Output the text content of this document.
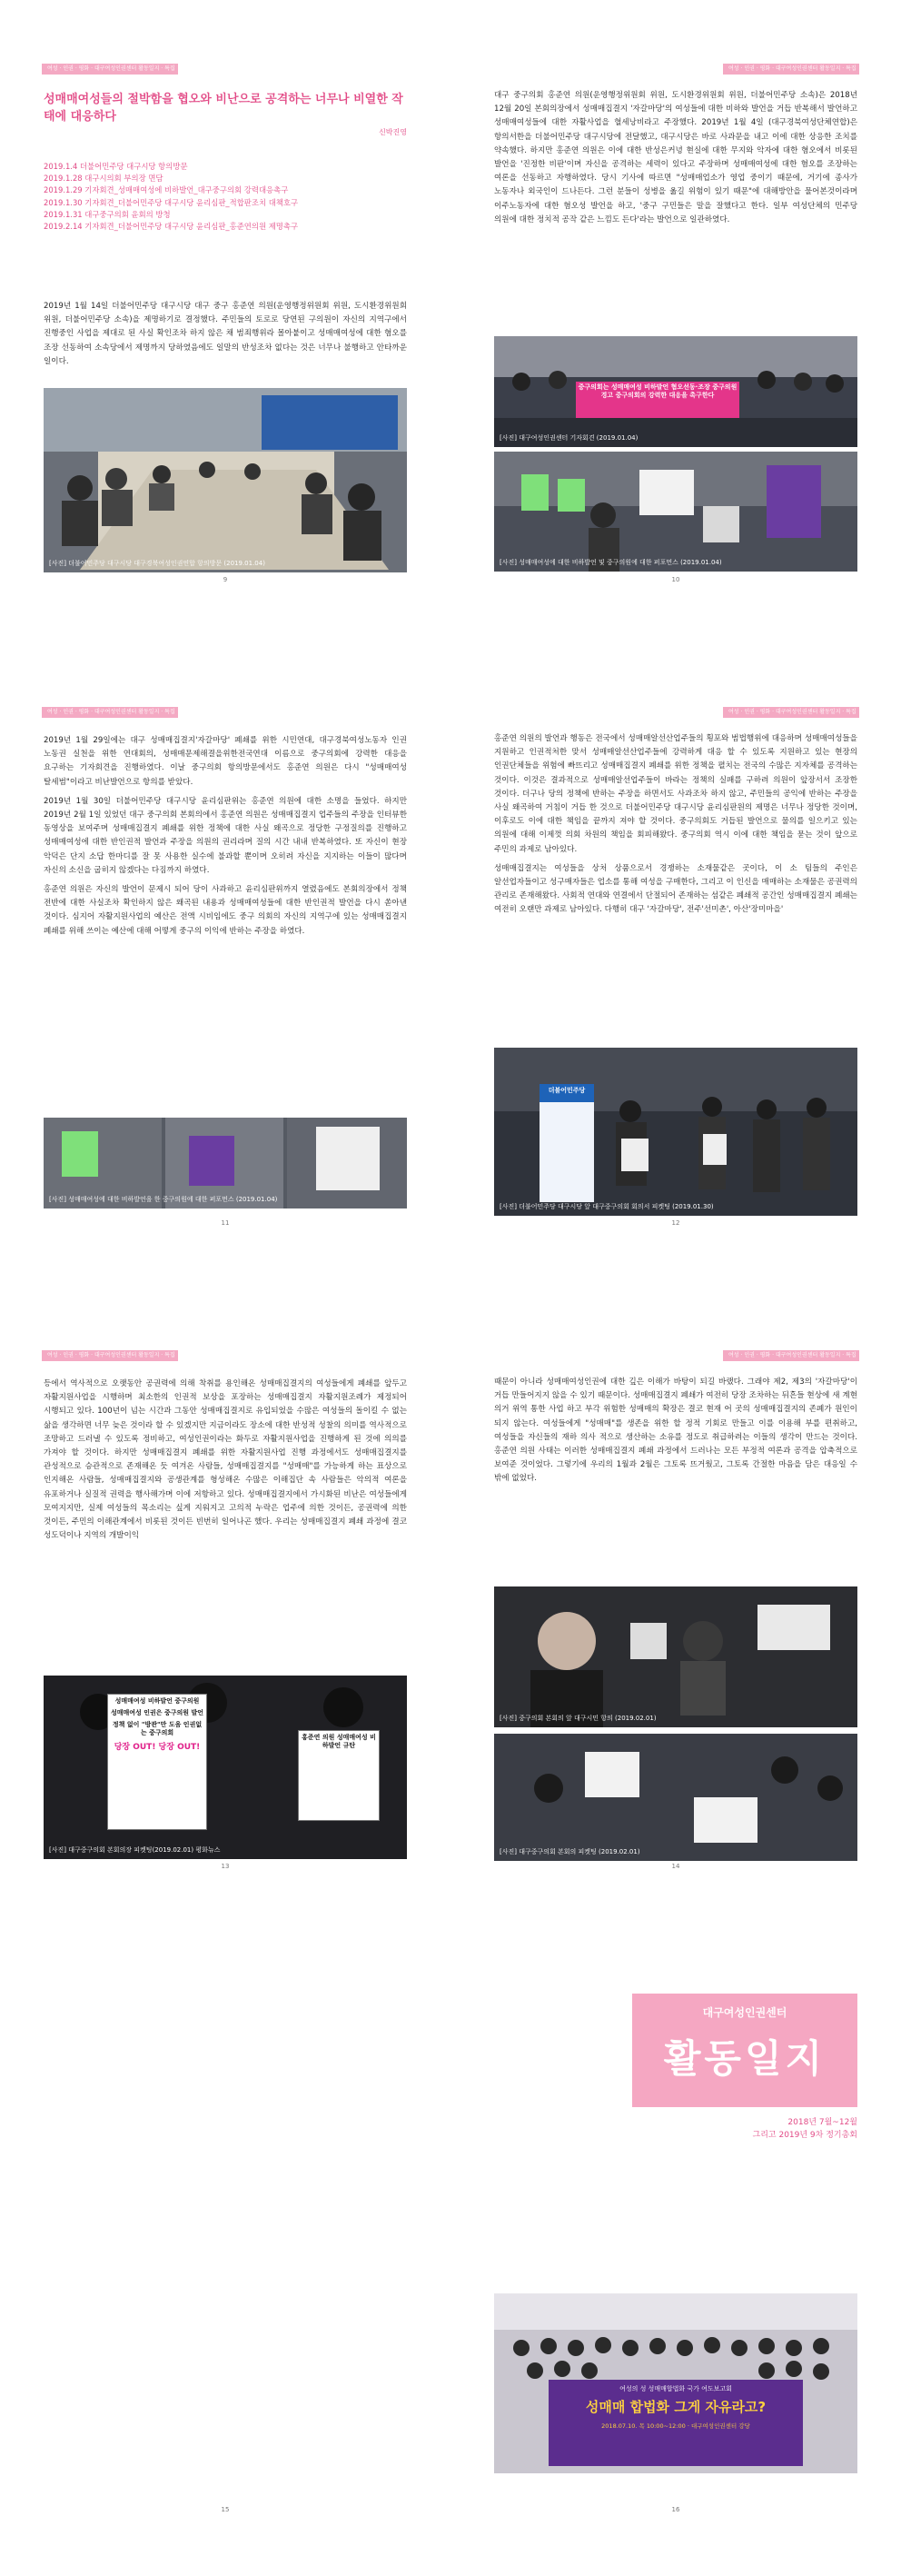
여성 · 인권 · 평화 · 대구여성인권센터 활동일지 · 특집
성매매여성들의 절박함을 협오와 비난으로 공격하는 너무나 비열한 작태에 대응하다
신박진영
2019.1.4 더불어민주당 대구시당 항의방문
2019.1.28 대구시의회 부의장 면담
2019.1.29 기자회견_성매매여성에 비하발언_대구중구의회 강력대응촉구
2019.1.30 기자회견_더불어민주당 대구시당 윤리심판_적합판조치 대책호구
2019.1.31 대구중구의회 윤회의 방청
2019.2.14 기자회견_더불어민주당 대구시당 윤리심판_홍준연의원 제명촉구

2019년 1월 14일 더불어민주당 대구시당 대구 중구 홍준연 의원(운영행정위원회 위원, 도시환경위원회 위원, 더불어민주당 소속)을 제명하기로 결정했다. 주민들의 토로로 당연된 구의원이 자신의 지역구에서 진행중인 사업을 제대로 된 사실 확인조차 하지 않은 채 범죄행위라 몰아붙이고 성매매여성에 대한 혐오를 조장 선동하여 소속당에서 제명까지 당하였음에도 일말의 반성조차 없다는 것은 너무나 불행하고 안타까운 일이다.

[사진] 더불어민주당 대구시당 대구경북여성인권연합 항의방문 (2019.01.04)
9
여성 · 인권 · 평화 · 대구여성인권센터 활동일지 · 특집

대구 중구의회 홍준연 의원(운영행정위원회 위원, 도시환경위원회 위원, 더불어민주당 소속)은 2018년 12월 20일 본회의장에서 성매매집결지 '자갈마당'의 여성들에 대한 비하와 발언을 거듭 반복해서 발언하고 성매매여성들에 대한 자활사업을 혈세낭비라고 주장했다. 2019년 1월 4일 (대구경북여성단체연합)은 항의서한을 더불어민주당 대구시당에 전달했고, 대구시당은 바로 사과문을 내고 이에 대한 상응한 조치를 약속했다. 하지만 홍준연 의원은 이에 대한 반성은커녕 현실에 대한 무지와 악자에 대한 혐오에서 비롯된 발언을 '진정한 비판'이며 자신을 공격하는 세력이 있다고 주장하며 성매매여성에 대한 혐오를 조장하는 여론을 선동하고 자행하였다. 당시 기사에 따르면 "성매매업소가 영업 중이기 때문에, 거기에 종사가 노동자나 외국인이 드나든다. 그런 분들이 성병을 옮길 위험이 있기 때문"에 대해방안을 물어본것이라며 이주노동자에 대한 혐오성 발언을 하고, '중구 구민들은 말을 잘했다고 한다. 일부 여성단체의 민주당 의원에 대한 정치적 공작 같은 느낌도 든다'라는 발언으로 일관하였다.

중구의회는 성매매여성 비하발언 혐오선동·조장 중구의원 경고 중구의회의 강력한 대응을 촉구한다
[사진] 대구여성인권센터 기자회견 (2019.01.04)
[사진] 성매매여성에 대한 비하발언 및 중구의원에 대한 퍼포먼스 (2019.01.04)
10
여성 · 인권 · 평화 · 대구여성인권센터 활동일지 · 특집

2019년 1월 29일에는 대구 성매매집결지'자갈마당' 폐쇄를 위한 시민연대, 대구경북여성노동자 인권 노동권 실천을 위한 연대회의, 성매매문제해결을위한전국연대 이름으로 중구의회에 강력한 대응을 요구하는 기자회견을 진행하였다. 이날 중구의회 항의방문에서도 홍준연 의원은 다시 "성매매여성 탈세범"이라고 비난발언으로 항의를 받았다.

2019년 1월 30일 더불어민주당 대구시당 윤리심판위는 홍준연 의원에 대한 소명을 들었다. 하지만 2019년 2월 1일 있었던 대구 중구의회 본회의에서 홍준연 의원은 성매매집결지 업주들의 주장을 인터뷰한 동영상을 보여주며 성매매집결지 폐쇄를 위한 정책에 대한 사실 왜곡으로 정당한 구정질의를 진행하고 성매매여성에 대한 반인권적 발언과 주장을 의원의 권리라며 질의 시간 내내 반복하였다. 또 자신이 현장 악덕은 단지 소답 한마디를 잘 못 사용한 실수에 불과할 뿐이며 오히려 자신을 지지하는 이들이 많다며 자신의 소신을 굽히지 않겠다는 다짐까지 하였다.

홍준연 의원은 자신의 발언이 문제시 되어 당이 사과하고 윤리심판위까지 열렸음에도 본회의장에서 정책 전반에 대한 사실조차 확인하지 않은 왜곡된 내용과 성매매여성들에 대한 반인권적 발언을 다시 쏟아낸 것이다. 심지어 자활지원사업의 예산은 전액 시비임에도 중구 의회의 자신의 지역구에 있는 성매매집결지 폐쇄를 위해 쓰이는 예산에 대해 어떻게 중구의 이익에 반하는 주장을 하였다.

[사진] 성매매여성에 대한 비하발언을 한 중구의원에 대한 퍼포먼스 (2019.01.04)
11
여성 · 인권 · 평화 · 대구여성인권센터 활동일지 · 특집

홍준연 의원의 발언과 행동은 전국에서 성매매알선산업주들의 횡포와 범법행위에 대응하며 성매매여성들을 지원하고 인권적처한 맞서 성매매알선산업주들에 강력하게 대응 할 수 있도록 지원하고 있는 현장의 인권단체들을 위험에 빠뜨리고 성매매집결지 폐쇄를 위한 정책을 펼치는 전국의 수많은 지자체를 공격하는 것이다. 이것은 결과적으로 성매매알선업주들이 바라는 정책의 실패를 구하려 의원이 앞장서서 조장한 것이다. 더구나 당의 정책에 반하는 주장을 하면서도 사과조차 하지 않고, 주민들의 공익에 반하는 주장을 사실 왜곡하여 거침이 거듭 한 것으로 더불어민주당 대구시당 윤리심판원의 제명은 너무나 정당한 것이며, 이후로도 이에 대한 책임을 끝까지 져야 할 것이다. 중구의회도 거듭된 발언으로 물의를 일으키고 있는 의원에 대해 이제껏 의회 차원의 책임을 회피해왔다. 중구의회 역시 이에 대한 책임을 묻는 것이 앞으로 주민의 과제로 남아있다.

성매매집결지는 여성들을 상처 상품으로서 경쟁하는 소재물같은 곳이다, 이 소 팀들의 주인은 알선업자들이고 성구매자들은 업소를 통해 여성을 구매한다, 그리고 이 인신을 매매하는 소재물은 공권력의 관리로 존재해왔다. 사회적 연대와 연결에서 단절되어 존재하는 섬같은 폐쇄적 공간인 성매매집결지 폐쇄는 여전히 오랜만 과제로 남아있다. 다행히 대구 '자갈마당', 전주'선미촌', 아산'장미마을'

더불어민주당
[사진] 더불어민주당 대구시당 앞 대구중구의회 회의서 피켓팅 (2019.01.30)
12
여성 · 인권 · 평화 · 대구여성인권센터 활동일지 · 특집

등에서 역사적으로 오랫동안 공권력에 의해 착취를 용인해온 성매매집결지의 여성들에게 폐쇄를 앞두고 자활지원사업을 시행하며 최소한의 인권적 보상을 포장하는 성매매집결지 자활지원조례가 제정되어 시행되고 있다. 100년이 넘는 시간과 그동안 성매매집결지로 유입되었을 수많은 여성들의 돌이킬 수 없는 삶을 생각하면 너무 늦은 것이라 할 수 있겠지만 지금이라도 장소에 대한 반성적 성찰의 의미를 역사적으로 조망하고 드러낼 수 있도록 정비하고, 여성인권이라는 화두로 자활지원사업을 진행하게 된 것에 의의를 가져야 할 것이다. 하지만 성매매집결지 폐쇄를 위한 자활지원사업 진행 과정에서도 성매매집결지를 관성적으로 승관적으로 존재해온 듯 여겨온 사람들, 성매매집결지를 "성매매"를 가능하게 하는 표상으로 인지해온 사람들, 성매매집결지와 공생관계를 형성해온 수많은 이해집단 속 사람들은 악의적 여론을 유포하거나 실질적 권력을 행사해가며 이에 저항하고 있다. 성매매집결지에서 가시화된 비난은 여성들에게 모여지지만, 실제 여성들의 목소리는 싶게 지워지고 고의적 누락은 업주에 의한 것이든, 공권력에 의한 것이든, 주민의 이해관계에서 비롯된 것이든 빈번히 일어나곤 했다. 우리는 성매매집결지 폐쇄 과정에 결코 성도덕이나 지역의 개발이익

성매매여성 비하발언 중구의원
성매매여성 인권은 중구의원 발언
정책 없이 "방관"만 도움 인권없는 중구의회
당장 OUT! 당장 OUT!
홍준연 의원 성매매여성 비하발언 규탄
[사진] 대구중구의회 본회의장 피켓팅(2019.02.01) 평화뉴스
13
여성 · 인권 · 평화 · 대구여성인권센터 활동일지 · 특집

때문이 아니라 성매매여성인권에 대한 깊은 이해가 바탕이 되길 바랬다. 그래야 제2, 제3의 '자갈마당'이 거듭 만들어지지 않을 수 있기 때문이다. 성매매집결지 폐쇄가 여전히 당장 조차하는 뒤흔들 현상에 새 계현 의거 위역 통한 사업 하고 부각 위험한 성매매의 확장은 결코 현재 어 곳의 성매매집결지의 존폐가 원인이 되지 않는다. 여성들에게 "성매매"를 생존을 위한 할 정적 기회로 만들고 이를 이용해 부를 편취하고, 여성들을 자신들의 재하 의사 적으로 생산하는 소유를 정도로 취급하려는 이들의 생각이 만드는 것이다. 홍준연 의원 사태는 이러한 성매매집결지 폐쇄 과정에서 드러나는 모든 부정적 여론과 공격을 압축적으로 보여준 것이었다. 그렇기에 우리의 1월과 2월은 그토록 뜨거웠고, 그토록 간절한 마음을 담은 대응일 수 밖에 없었다.

[사진] 중구의회 본회의 앞 대구시민 항의 (2019.02.01)
[사진] 대구중구의회 본회의 피켓팅 (2019.02.01)
14
15
대구여성인권센터
활동일지
2018년 7월~12월
그리고 2019년 9차 정기총회
여성의 성 성매매합법화 국가 여도보고회
성매매 합법화 그게 자유라고?
2018.07.10. 목 10:00~12:00 · 대구여성인권센터 강당
16
